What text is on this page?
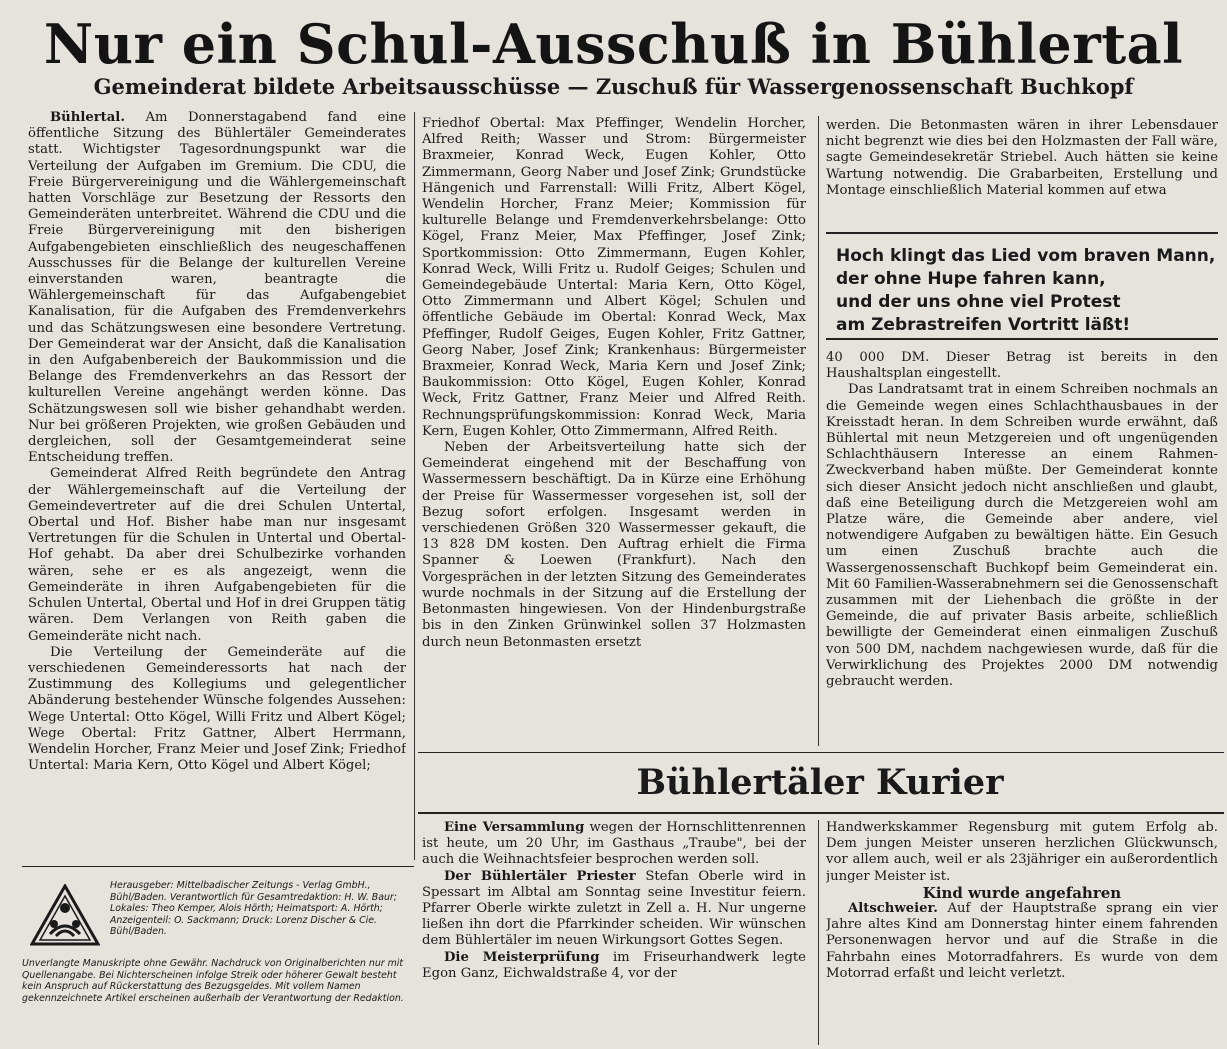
Nur ein Schul-Ausschuß in Bühlertal
Gemeinderat bildete Arbeitsausschüsse — Zuschuß für Wassergenossenschaft Buchkopf

Bühlertal. Am Donnerstagabend fand eine öffentliche Sitzung des Bühlertäler Gemeinderates statt. Wichtigster Tagesordnungspunkt war die Verteilung der Aufgaben im Gremium. Die CDU, die Freie Bürgervereinigung und die Wählergemeinschaft hatten Vorschläge zur Besetzung der Ressorts den Gemeinderäten unterbreitet. Während die CDU und die Freie Bürgervereinigung mit den bisherigen Aufgabengebieten einschließlich des neugeschaffenen Ausschusses für die Belange der kulturellen Vereine einverstanden waren, beantragte die Wählergemeinschaft für das Aufgabengebiet Kanalisation, für die Aufgaben des Fremdenverkehrs und das Schätzungswesen eine besondere Vertretung. Der Gemeinderat war der Ansicht, daß die Kanalisation in den Aufgabenbereich der Baukommission und die Belange des Fremdenverkehrs an das Ressort der kulturellen Vereine angehängt werden könne. Das Schätzungswesen soll wie bisher gehandhabt werden. Nur bei größeren Projekten, wie großen Gebäuden und dergleichen, soll der Gesamtgemeinderat seine Entscheidung treffen.

Gemeinderat Alfred Reith begründete den Antrag der Wählergemeinschaft auf die Verteilung der Gemeindevertreter auf die drei Schulen Untertal, Obertal und Hof. Bisher habe man nur insgesamt Vertretungen für die Schulen in Untertal und Obertal-Hof gehabt. Da aber drei Schulbezirke vorhanden wären, sehe er es als angezeigt, wenn die Gemeinderäte in ihren Aufgabengebieten für die Schulen Untertal, Obertal und Hof in drei Gruppen tätig wären. Dem Verlangen von Reith gaben die Gemeinderäte nicht nach.

Die Verteilung der Gemeinderäte auf die verschiedenen Gemeinderessorts hat nach der Zustimmung des Kollegiums und gelegentlicher Abänderung bestehender Wünsche folgendes Aussehen: Wege Untertal: Otto Kögel, Willi Fritz und Albert Kögel; Wege Obertal: Fritz Gattner, Albert Herrmann, Wendelin Horcher, Franz Meier und Josef Zink; Friedhof Untertal: Maria Kern, Otto Kögel und Albert Kögel;

Friedhof Obertal: Max Pfeffinger, Wendelin Horcher, Alfred Reith; Wasser und Strom: Bürgermeister Braxmeier, Konrad Weck, Eugen Kohler, Otto Zimmermann, Georg Naber und Josef Zink; Grundstücke Hängenich und Farrenstall: Willi Fritz, Albert Kögel, Wendelin Horcher, Franz Meier; Kommission für kulturelle Belange und Fremdenverkehrsbelange: Otto Kögel, Franz Meier, Max Pfeffinger, Josef Zink; Sportkommission: Otto Zimmermann, Eugen Kohler, Konrad Weck, Willi Fritz u. Rudolf Geiges; Schulen und Gemeindegebäude Untertal: Maria Kern, Otto Kögel, Otto Zimmermann und Albert Kögel; Schulen und öffentliche Gebäude im Obertal: Konrad Weck, Max Pfeffinger, Rudolf Geiges, Eugen Kohler, Fritz Gattner, Georg Naber, Josef Zink; Krankenhaus: Bürgermeister Braxmeier, Konrad Weck, Maria Kern und Josef Zink; Baukommission: Otto Kögel, Eugen Kohler, Konrad Weck, Fritz Gattner, Franz Meier und Alfred Reith. Rechnungsprüfungskommission: Konrad Weck, Maria Kern, Eugen Kohler, Otto Zimmermann, Alfred Reith.

Neben der Arbeitsverteilung hatte sich der Gemeinderat eingehend mit der Beschaffung von Wassermessern beschäftigt. Da in Kürze eine Erhöhung der Preise für Wassermesser vorgesehen ist, soll der Bezug sofort erfolgen. Insgesamt werden in verschiedenen Größen 320 Wassermesser gekauft, die 13 828 DM kosten. Den Auftrag erhielt die Firma Spanner & Loewen (Frankfurt). Nach den Vorgesprächen in der letzten Sitzung des Gemeinderates wurde nochmals in der Sitzung auf die Erstellung der Betonmasten hingewiesen. Von der Hindenburgstraße bis in den Zinken Grünwinkel sollen 37 Holzmasten durch neun Betonmasten ersetzt

werden. Die Betonmasten wären in ihrer Lebensdauer nicht begrenzt wie dies bei den Holzmasten der Fall wäre, sagte Gemeindesekretär Striebel. Auch hätten sie keine Wartung notwendig. Die Grabarbeiten, Erstellung und Montage einschließlich Material kommen auf etwa

Hoch klingt das Lied vom braven Mann,
der ohne Hupe fahren kann,
und der uns ohne viel Protest
am Zebrastreifen Vortritt läßt!

40 000 DM. Dieser Betrag ist bereits in den Haushaltsplan eingestellt.

Das Landratsamt trat in einem Schreiben nochmals an die Gemeinde wegen eines Schlachthausbaues in der Kreisstadt heran. In dem Schreiben wurde erwähnt, daß Bühlertal mit neun Metzgereien und oft ungenügenden Schlachthäusern Interesse an einem Rahmen-Zweckverband haben müßte. Der Gemeinderat konnte sich dieser Ansicht jedoch nicht anschließen und glaubt, daß eine Beteiligung durch die Metzgereien wohl am Platze wäre, die Gemeinde aber andere, viel notwendigere Aufgaben zu bewältigen hätte. Ein Gesuch um einen Zuschuß brachte auch die Wassergenossenschaft Buchkopf beim Gemeinderat ein. Mit 60 Familien-Wasserabnehmern sei die Genossenschaft zusammen mit der Liehenbach die größte in der Gemeinde, die auf privater Basis arbeite, schließlich bewilligte der Gemeinderat einen einmaligen Zuschuß von 500 DM, nachdem nachgewiesen wurde, daß für die Verwirklichung des Projektes 2000 DM notwendig gebraucht werden.

Bühlertäler Kurier

Eine Versammlung wegen der Hornschlittenrennen ist heute, um 20 Uhr, im Gasthaus „Traube", bei der auch die Weihnachtsfeier besprochen werden soll.

Der Bühlertäler Priester Stefan Oberle wird in Spessart im Albtal am Sonntag seine Investitur feiern. Pfarrer Oberle wirkte zuletzt in Zell a. H. Nur ungerne ließen ihn dort die Pfarrkinder scheiden. Wir wünschen dem Bühlertäler im neuen Wirkungsort Gottes Segen.

Die Meisterprüfung im Friseurhandwerk legte Egon Ganz, Eichwaldstraße 4, vor der

Handwerkskammer Regensburg mit gutem Erfolg ab. Dem jungen Meister unseren herzlichen Glückwunsch, vor allem auch, weil er als 23jähriger ein außerordentlich junger Meister ist.

Kind wurde angefahren

Altschweier. Auf der Hauptstraße sprang ein vier Jahre altes Kind am Donnerstag hinter einem fahrenden Personenwagen hervor und auf die Straße in die Fahrbahn eines Motorradfahrers. Es wurde von dem Motorrad erfaßt und leicht verletzt.

Herausgeber: Mittelbadischer Zeitungs - Verlag GmbH., Bühl/Baden. Verantwortlich für Gesamtredaktion: H. W. Baur; Lokales: Theo Kemper, Alois Hörth; Heimatsport: A. Hörth; Anzeigenteil: O. Sackmann; Druck: Lorenz Discher & Cie. Bühl/Baden.
Unverlangte Manuskripte ohne Gewähr. Nachdruck von Originalberichten nur mit Quellenangabe. Bei Nichterscheinen infolge Streik oder höherer Gewalt besteht kein Anspruch auf Rückerstattung des Bezugsgeldes. Mit vollem Namen gekennzeichnete Artikel erscheinen außerhalb der Verantwortung der Redaktion.
